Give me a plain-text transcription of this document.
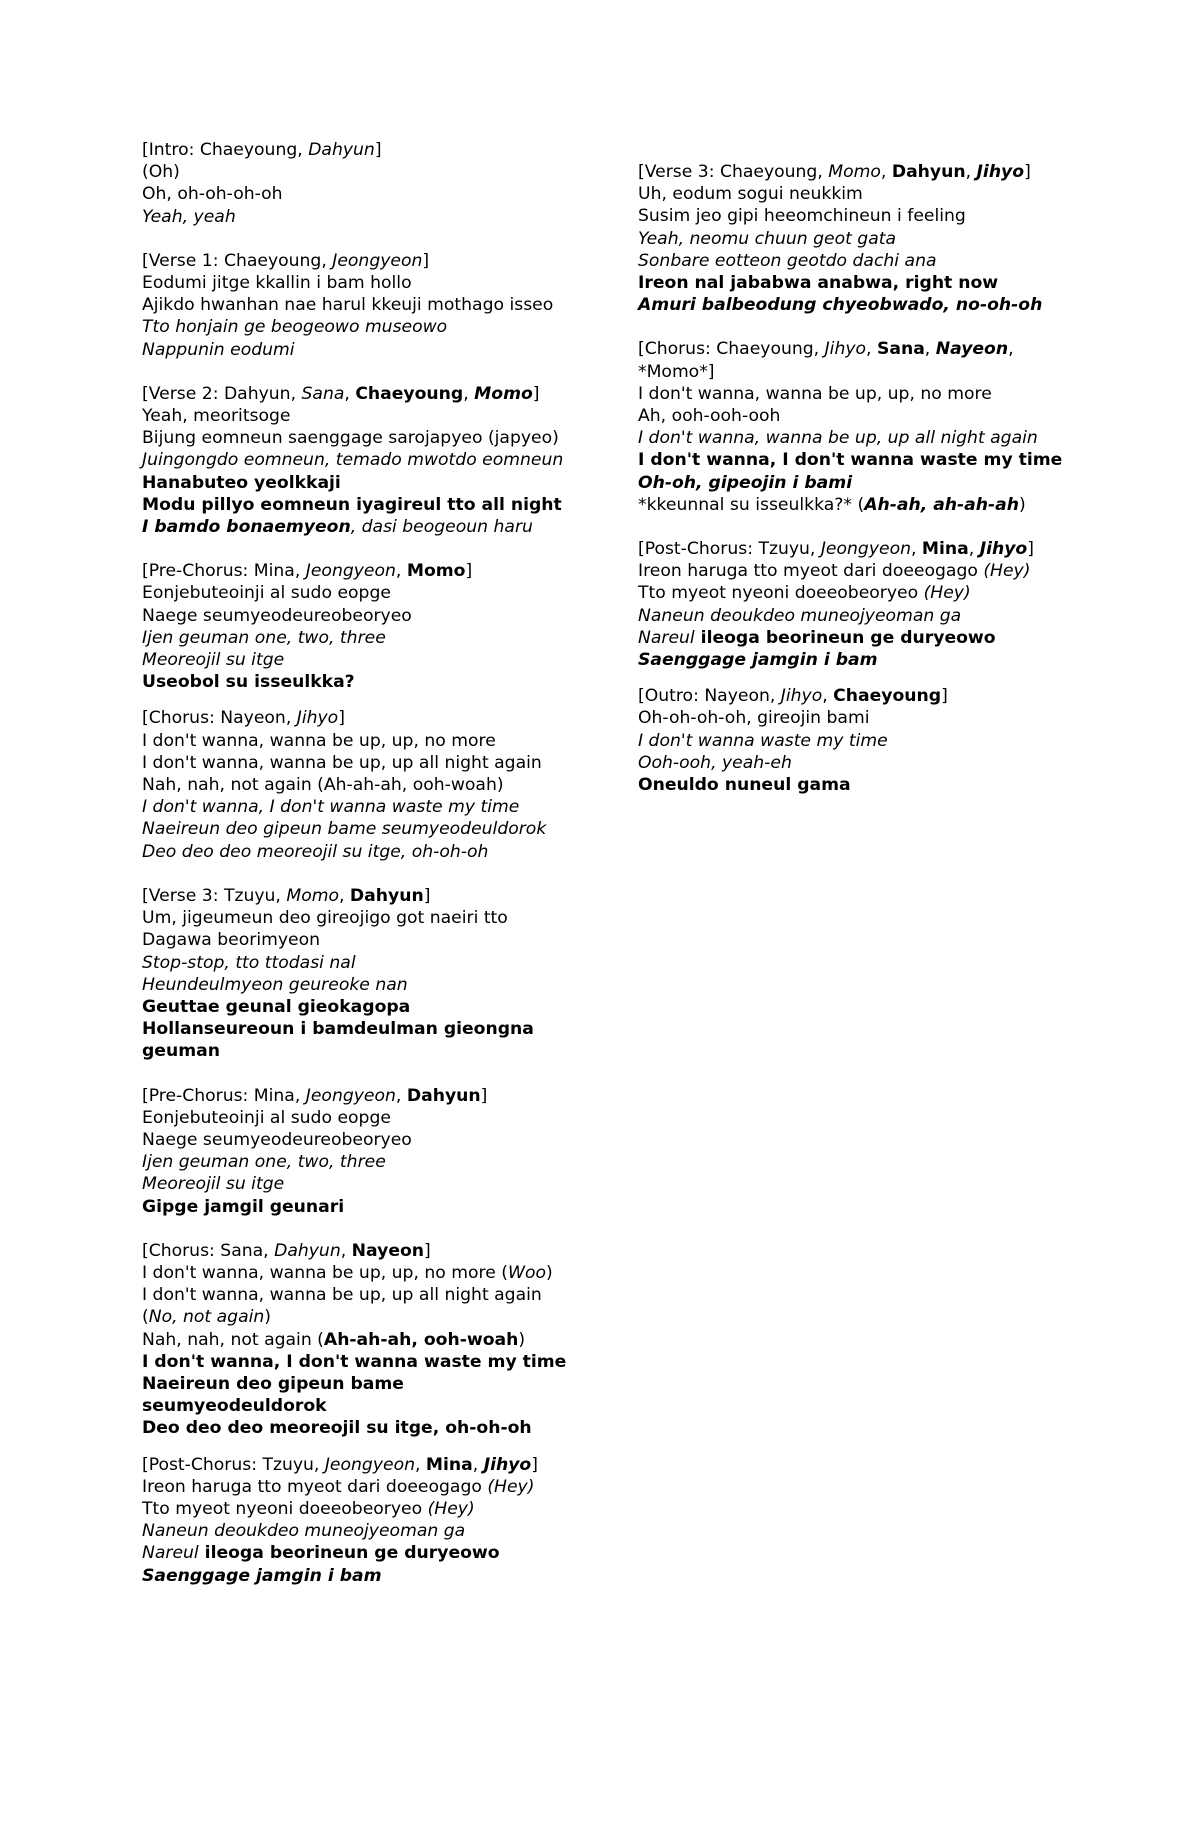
[Intro: Chaeyoung, Dahyun]
(Oh)
Oh, oh-oh-oh-oh
Yeah, yeah
[Verse 1: Chaeyoung, Jeongyeon]
Eodumi jitge kkallin i bam hollo
Ajikdo hwanhan nae harul kkeuji mothago isseo
Tto honjain ge beogeowo museowo
Nappunin eodumi
[Verse 2: Dahyun, Sana, Chaeyoung, Momo]
Yeah, meoritsoge
Bijung eomneun saenggage sarojapyeo (japyeo)
Juingongdo eomneun, temado mwotdo eomneun
Hanabuteo yeolkkaji
Modu pillyo eomneun iyagireul tto all night
I bamdo bonaemyeon, dasi beogeoun haru
[Pre-Chorus: Mina, Jeongyeon, Momo]
Eonjebuteoinji al sudo eopge
Naege seumyeodeureobeoryeo
Ijen geuman one, two, three
Meoreojil su itge
Useobol su isseulkka?
[Chorus: Nayeon, Jihyo]
I don't wanna, wanna be up, up, no more
I don't wanna, wanna be up, up all night again
Nah, nah, not again (Ah-ah-ah, ooh-woah)
I don't wanna, I don't wanna waste my time
Naeireun deo gipeun bame seumyeodeuldorok
Deo deo deo meoreojil su itge, oh-oh-oh
[Verse 3: Tzuyu, Momo, Dahyun]
Um, jigeumeun deo gireojigo got naeiri tto
Dagawa beorimyeon
Stop-stop, tto ttodasi nal
Heundeulmyeon geureoke nan
Geuttae geunal gieokagopa
Hollanseureoun i bamdeulman gieongna geuman
[Pre-Chorus: Mina, Jeongyeon, Dahyun]
Eonjebuteoinji al sudo eopge
Naege seumyeodeureobeoryeo
Ijen geuman one, two, three
Meoreojil su itge
Gipge jamgil geunari
[Chorus: Sana, Dahyun, Nayeon]
I don't wanna, wanna be up, up, no more (Woo)
I don't wanna, wanna be up, up all night again (No, not again)
Nah, nah, not again (Ah-ah-ah, ooh-woah)
I don't wanna, I don't wanna waste my time
Naeireun deo gipeun bame seumyeodeuldorok
Deo deo deo meoreojil su itge, oh-oh-oh
[Post-Chorus: Tzuyu, Jeongyeon, Mina, Jihyo]
Ireon haruga tto myeot dari doeeogago (Hey)
Tto myeot nyeoni doeeobeoryeo (Hey)
Naneun deoukdeo muneojyeoman ga
Nareul ileoga beorineun ge duryeowo
Saenggage jamgin i bam
[Verse 3: Chaeyoung, Momo, Dahyun, Jihyo]
Uh, eodum sogui neukkim
Susim jeo gipi heeomchineun i feeling
Yeah, neomu chuun geot gata
Sonbare eotteon geotdo dachi ana
Ireon nal jababwa anabwa, right now
Amuri balbeodung chyeobwado, no-oh-oh
[Chorus: Chaeyoung, Jihyo, Sana, Nayeon, *Momo*]
I don't wanna, wanna be up, up, no more
Ah, ooh-ooh-ooh
I don't wanna, wanna be up, up all night again
I don't wanna, I don't wanna waste my time
Oh-oh, gipeojin i bami
*kkeunnal su isseulkka?* (Ah-ah, ah-ah-ah)
[Post-Chorus: Tzuyu, Jeongyeon, Mina, Jihyo]
Ireon haruga tto myeot dari doeeogago (Hey)
Tto myeot nyeoni doeeobeoryeo (Hey)
Naneun deoukdeo muneojyeoman ga
Nareul ileoga beorineun ge duryeowo
Saenggage jamgin i bam
[Outro: Nayeon, Jihyo, Chaeyoung]
Oh-oh-oh-oh, gireojin bami
I don't wanna waste my time
Ooh-ooh, yeah-eh
Oneuldo nuneul gama
